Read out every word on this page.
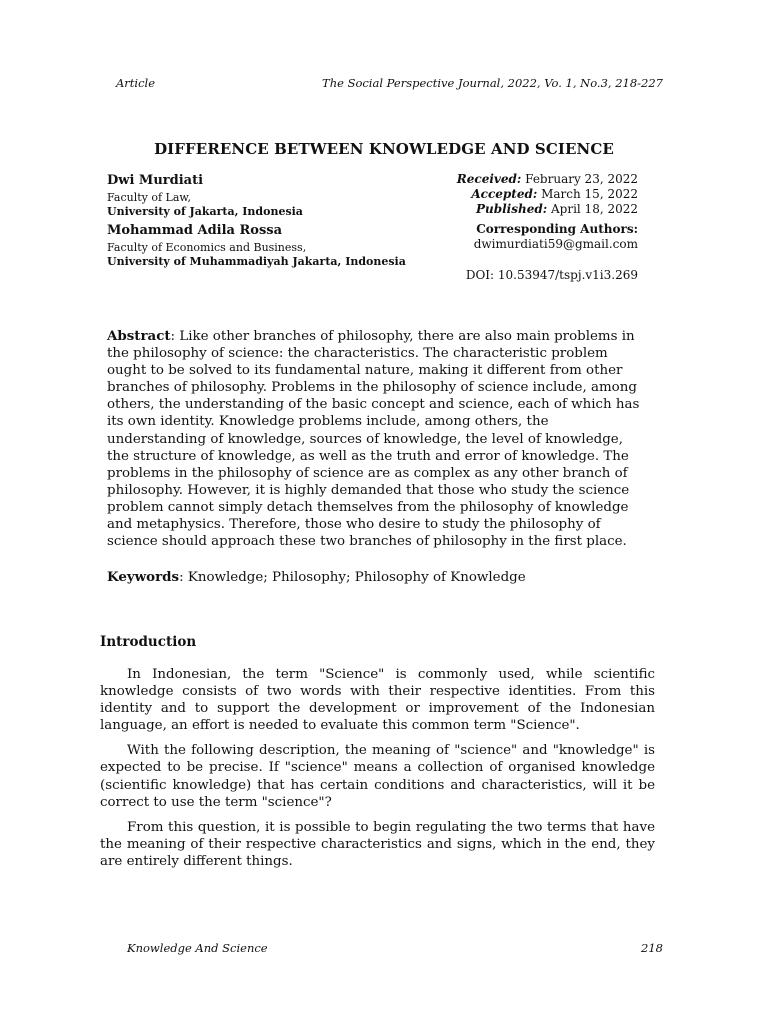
Article	The Social Perspective Journal, 2022, Vo. 1, No.3, 218-227
DIFFERENCE BETWEEN KNOWLEDGE AND SCIENCE
Dwi Murdiati
Faculty of Law,
University of Jakarta, Indonesia
Mohammad Adila Rossa
Faculty of Economics and Business,
University of Muhammadiyah Jakarta, Indonesia
Received: February 23, 2022
Accepted: March 15, 2022
Published: April 18, 2022
Corresponding Authors:
dwimurdiati59@gmail.com
DOI: 10.53947/tspj.v1i3.269
Abstract: Like other branches of philosophy, there are also main problems in the philosophy of science: the characteristics. The characteristic problem ought to be solved to its fundamental nature, making it different from other branches of philosophy. Problems in the philosophy of science include, among others, the understanding of the basic concept and science, each of which has its own identity. Knowledge problems include, among others, the understanding of knowledge, sources of knowledge, the level of knowledge, the structure of knowledge, as well as the truth and error of knowledge. The problems in the philosophy of science are as complex as any other branch of philosophy. However, it is highly demanded that those who study the science problem cannot simply detach themselves from the philosophy of knowledge and metaphysics. Therefore, those who desire to study the philosophy of science should approach these two branches of philosophy in the first place.
Keywords: Knowledge; Philosophy; Philosophy of Knowledge
Introduction

In Indonesian, the term "Science" is commonly used, while scientific knowledge consists of two words with their respective identities. From this identity and to support the development or improvement of the Indonesian language, an effort is needed to evaluate this common term "Science".

With the following description, the meaning of "science" and "knowledge" is expected to be precise. If "science" means a collection of organised knowledge (scientific knowledge) that has certain conditions and characteristics, will it be correct to use the term "science"?

From this question, it is possible to begin regulating the two terms that have the meaning of their respective characteristics and signs, which in the end, they are entirely different things.

Knowledge And Science	218
